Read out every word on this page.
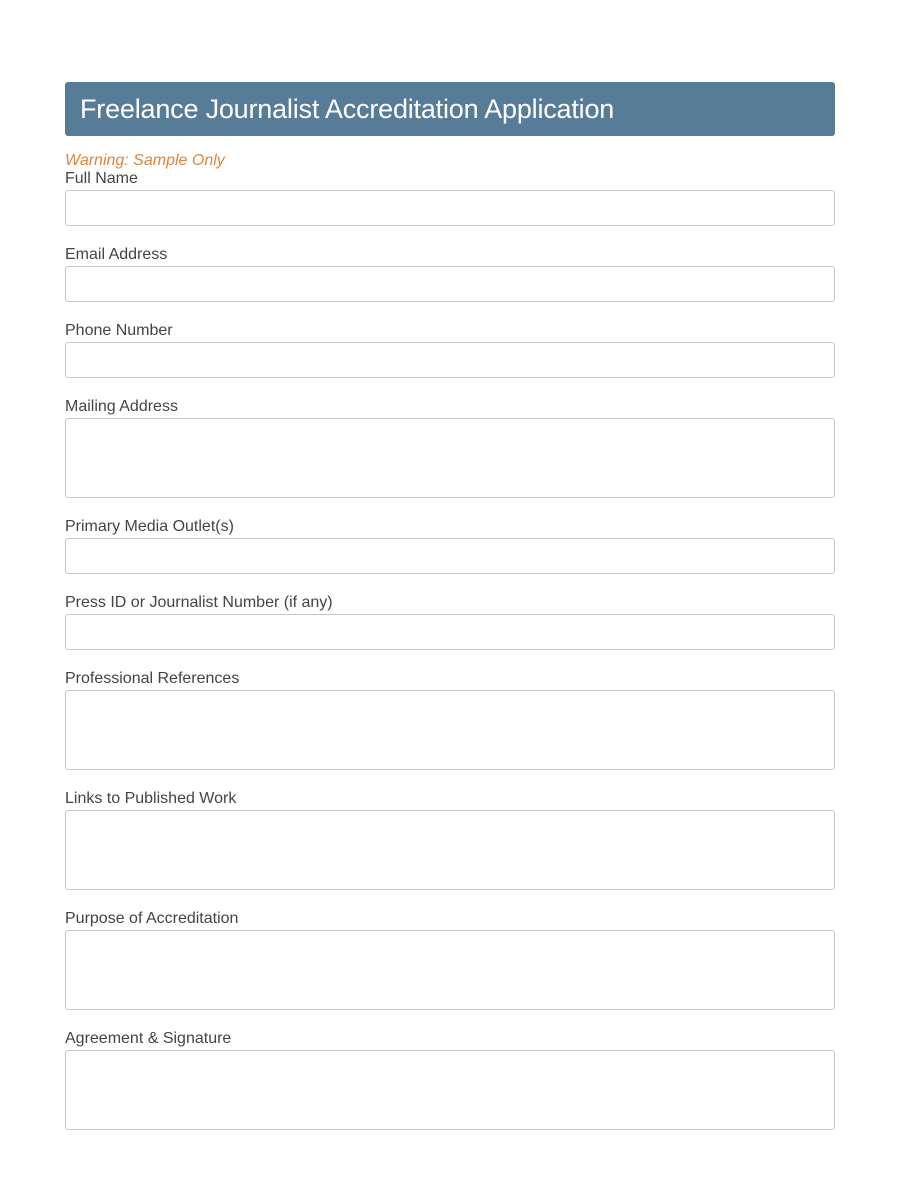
Freelance Journalist Accreditation Application
Warning: Sample Only
Full Name
Email Address
Phone Number
Mailing Address
Primary Media Outlet(s)
Press ID or Journalist Number (if any)
Professional References
Links to Published Work
Purpose of Accreditation
Agreement & Signature
